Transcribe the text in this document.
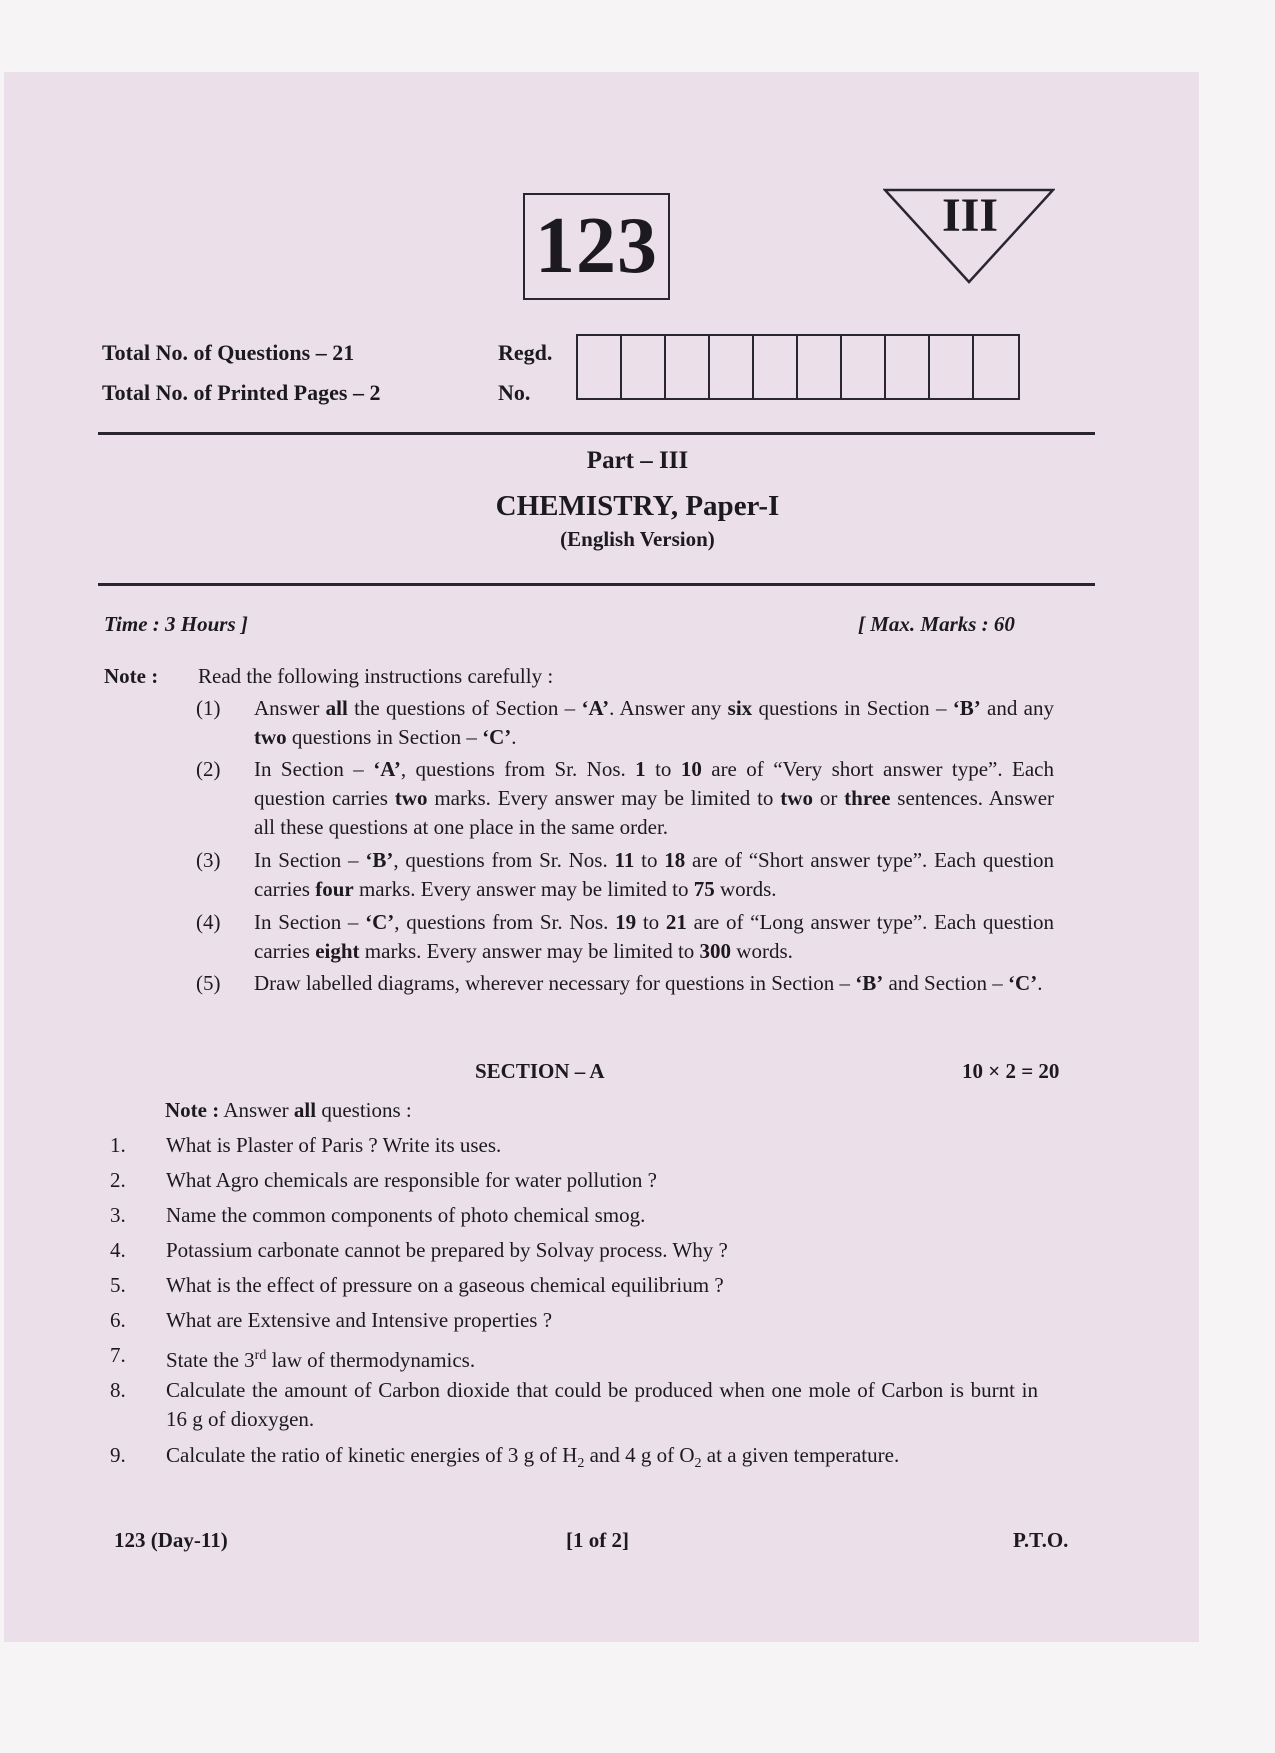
123	III
Total No. of Questions – 21
Total No. of Printed Pages – 2
Regd.
No.
Part – III
CHEMISTRY, Paper-I
(English Version)
Time : 3 Hours ]	[ Max. Marks : 60
Note : Read the following instructions carefully :
(1) Answer all the questions of Section – ‘A’. Answer any six questions in Section – ‘B’ and any two questions in Section – ‘C’.
(2) In Section – ‘A’, questions from Sr. Nos. 1 to 10 are of “Very short answer type”. Each question carries two marks. Every answer may be limited to two or three sentences. Answer all these questions at one place in the same order.
(3) In Section – ‘B’, questions from Sr. Nos. 11 to 18 are of “Short answer type”. Each question carries four marks. Every answer may be limited to 75 words.
(4) In Section – ‘C’, questions from Sr. Nos. 19 to 21 are of “Long answer type”. Each question carries eight marks. Every answer may be limited to 300 words.
(5) Draw labelled diagrams, wherever necessary for questions in Section – ‘B’ and Section – ‘C’.
SECTION – A	10 × 2 = 20
Note : Answer all questions :
1. What is Plaster of Paris ? Write its uses.
2. What Agro chemicals are responsible for water pollution ?
3. Name the common components of photo chemical smog.
4. Potassium carbonate cannot be prepared by Solvay process. Why ?
5. What is the effect of pressure on a gaseous chemical equilibrium ?
6. What are Extensive and Intensive properties ?
7. State the 3rd law of thermodynamics.
8. Calculate the amount of Carbon dioxide that could be produced when one mole of Carbon is burnt in 16 g of dioxygen.
9. Calculate the ratio of kinetic energies of 3 g of $H_2$ and 4 g of $O_2$ at a given temperature.
123 (Day-11)	[1 of 2]	P.T.O.
